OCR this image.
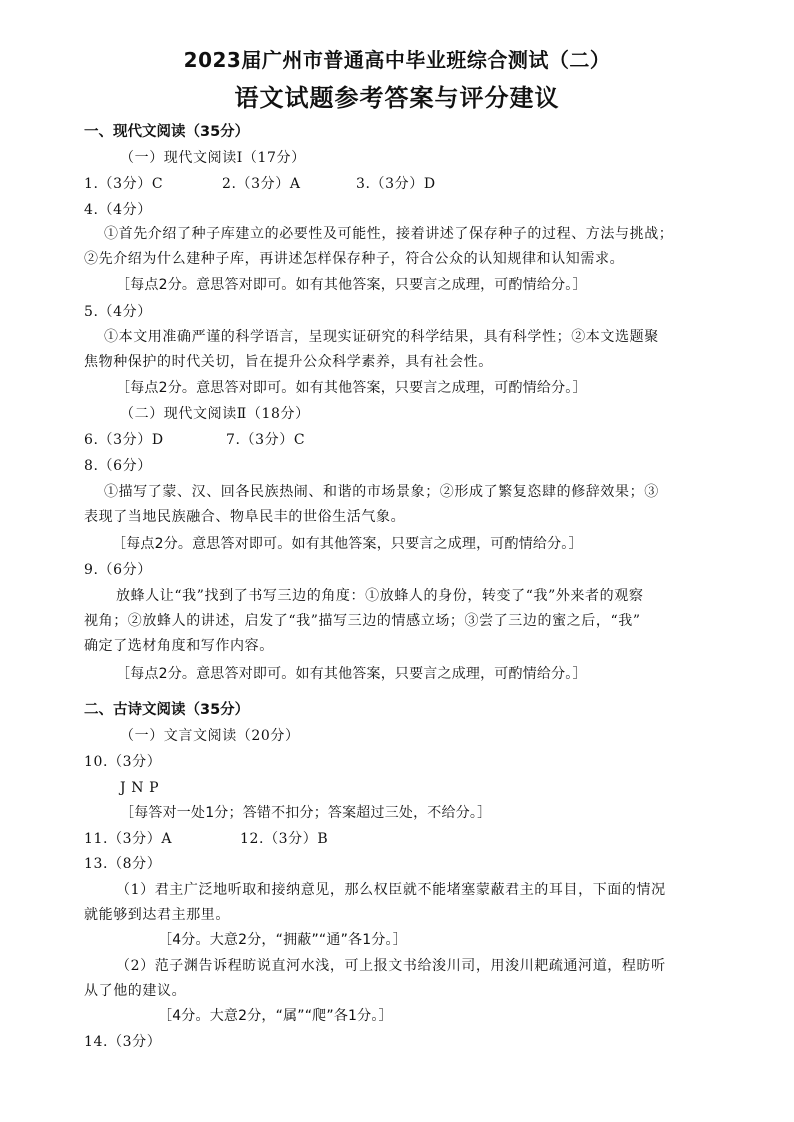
2023届广州市普通高中毕业班综合测试（二）
语文试题参考答案与评分建议
一、现代文阅读（35分）
（一）现代文阅读Ⅰ（17分）
1.（3分）C	2.（3分）A	3.（3分）D
4.（4分）
①首先介绍了种子库建立的必要性及可能性，接着讲述了保存种子的过程、方法与挑战；
②先介绍为什么建种子库，再讲述怎样保存种子，符合公众的认知规律和认知需求。
［每点2分。意思答对即可。如有其他答案，只要言之成理，可酌情给分。］
5.（4分）
①本文用准确严谨的科学语言，呈现实证研究的科学结果，具有科学性；②本文选题聚
焦物种保护的时代关切，旨在提升公众科学素养，具有社会性。
［每点2分。意思答对即可。如有其他答案，只要言之成理，可酌情给分。］
（二）现代文阅读Ⅱ（18分）
6.（3分）D	7.（3分）C
8.（6分）
①描写了蒙、汉、回各民族热闹、和谐的市场景象；②形成了繁复恣肆的修辞效果；③
表现了当地民族融合、物阜民丰的世俗生活气象。
［每点2分。意思答对即可。如有其他答案，只要言之成理，可酌情给分。］
9.（6分）
放蜂人让“我”找到了书写三边的角度：①放蜂人的身份，转变了“我”外来者的观察
视角；②放蜂人的讲述，启发了“我”描写三边的情感立场；③尝了三边的蜜之后，“我”
确定了选材角度和写作内容。
［每点2分。意思答对即可。如有其他答案，只要言之成理，可酌情给分。］
二、古诗文阅读（35分）
（一）文言文阅读（20分）
10.（3分）
J N P
［每答对一处1分；答错不扣分；答案超过三处，不给分。］
11.（3分）A	12.（3分）B
13.（8分）
（1）君主广泛地听取和接纳意见，那么权臣就不能堵塞蒙蔽君主的耳目，下面的情况
就能够到达君主那里。
［4分。大意2分，“拥蔽”“通”各1分。］
（2）范子渊告诉程昉说直河水浅，可上报文书给浚川司，用浚川耙疏通河道，程昉听
从了他的建议。
［4分。大意2分，“属”“爬”各1分。］
14.（3分）
